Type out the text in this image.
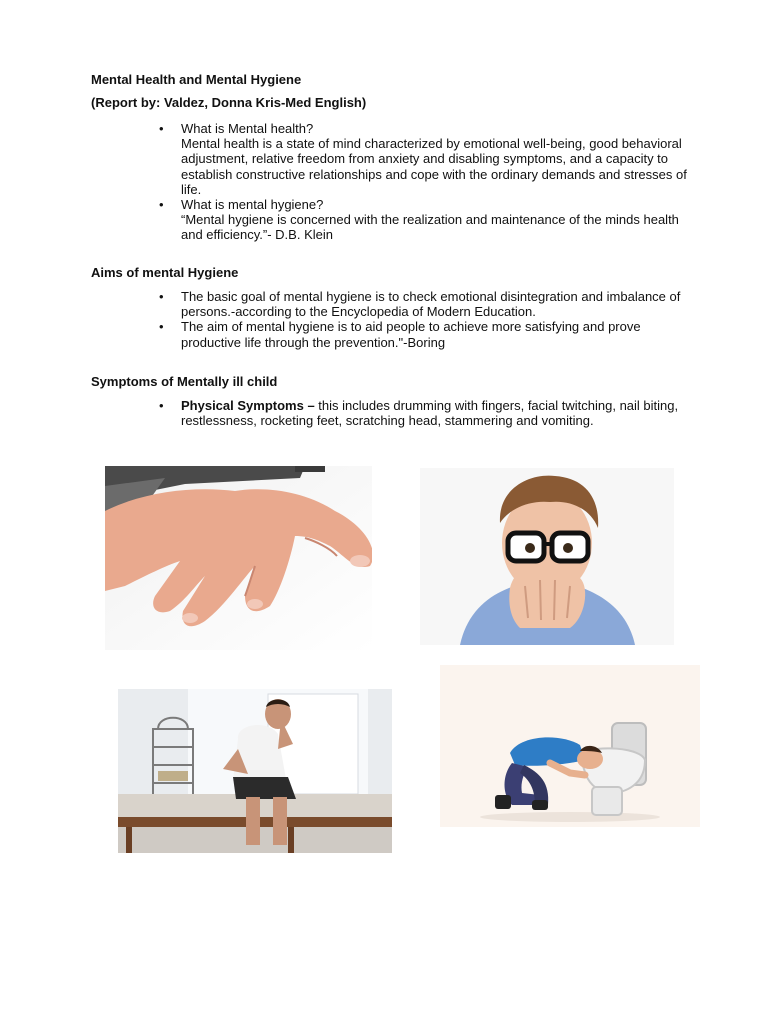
Mental Health and Mental Hygiene
(Report by: Valdez, Donna Kris-Med English)
• What is Mental health?
Mental health is a state of mind characterized by emotional well-being, good behavioral adjustment, relative freedom from anxiety and disabling symptoms, and a capacity to establish constructive relationships and cope with the ordinary demands and stresses of life.
• What is mental hygiene?
“Mental hygiene is concerned with the realization and maintenance of the minds health and efficiency.”- D.B. Klein
Aims of mental Hygiene
• The basic goal of mental hygiene is to check emotional disintegration and imbalance of persons.-according to the Encyclopedia of Modern Education.
• The aim of mental hygiene is to aid people to achieve more satisfying and prove productive life through the prevention."-Boring
Symptoms of Mentally ill child
• Physical Symptoms – this includes drumming with fingers, facial twitching, nail biting, restlessness, rocketing feet, scratching head, stammering and vomiting.
